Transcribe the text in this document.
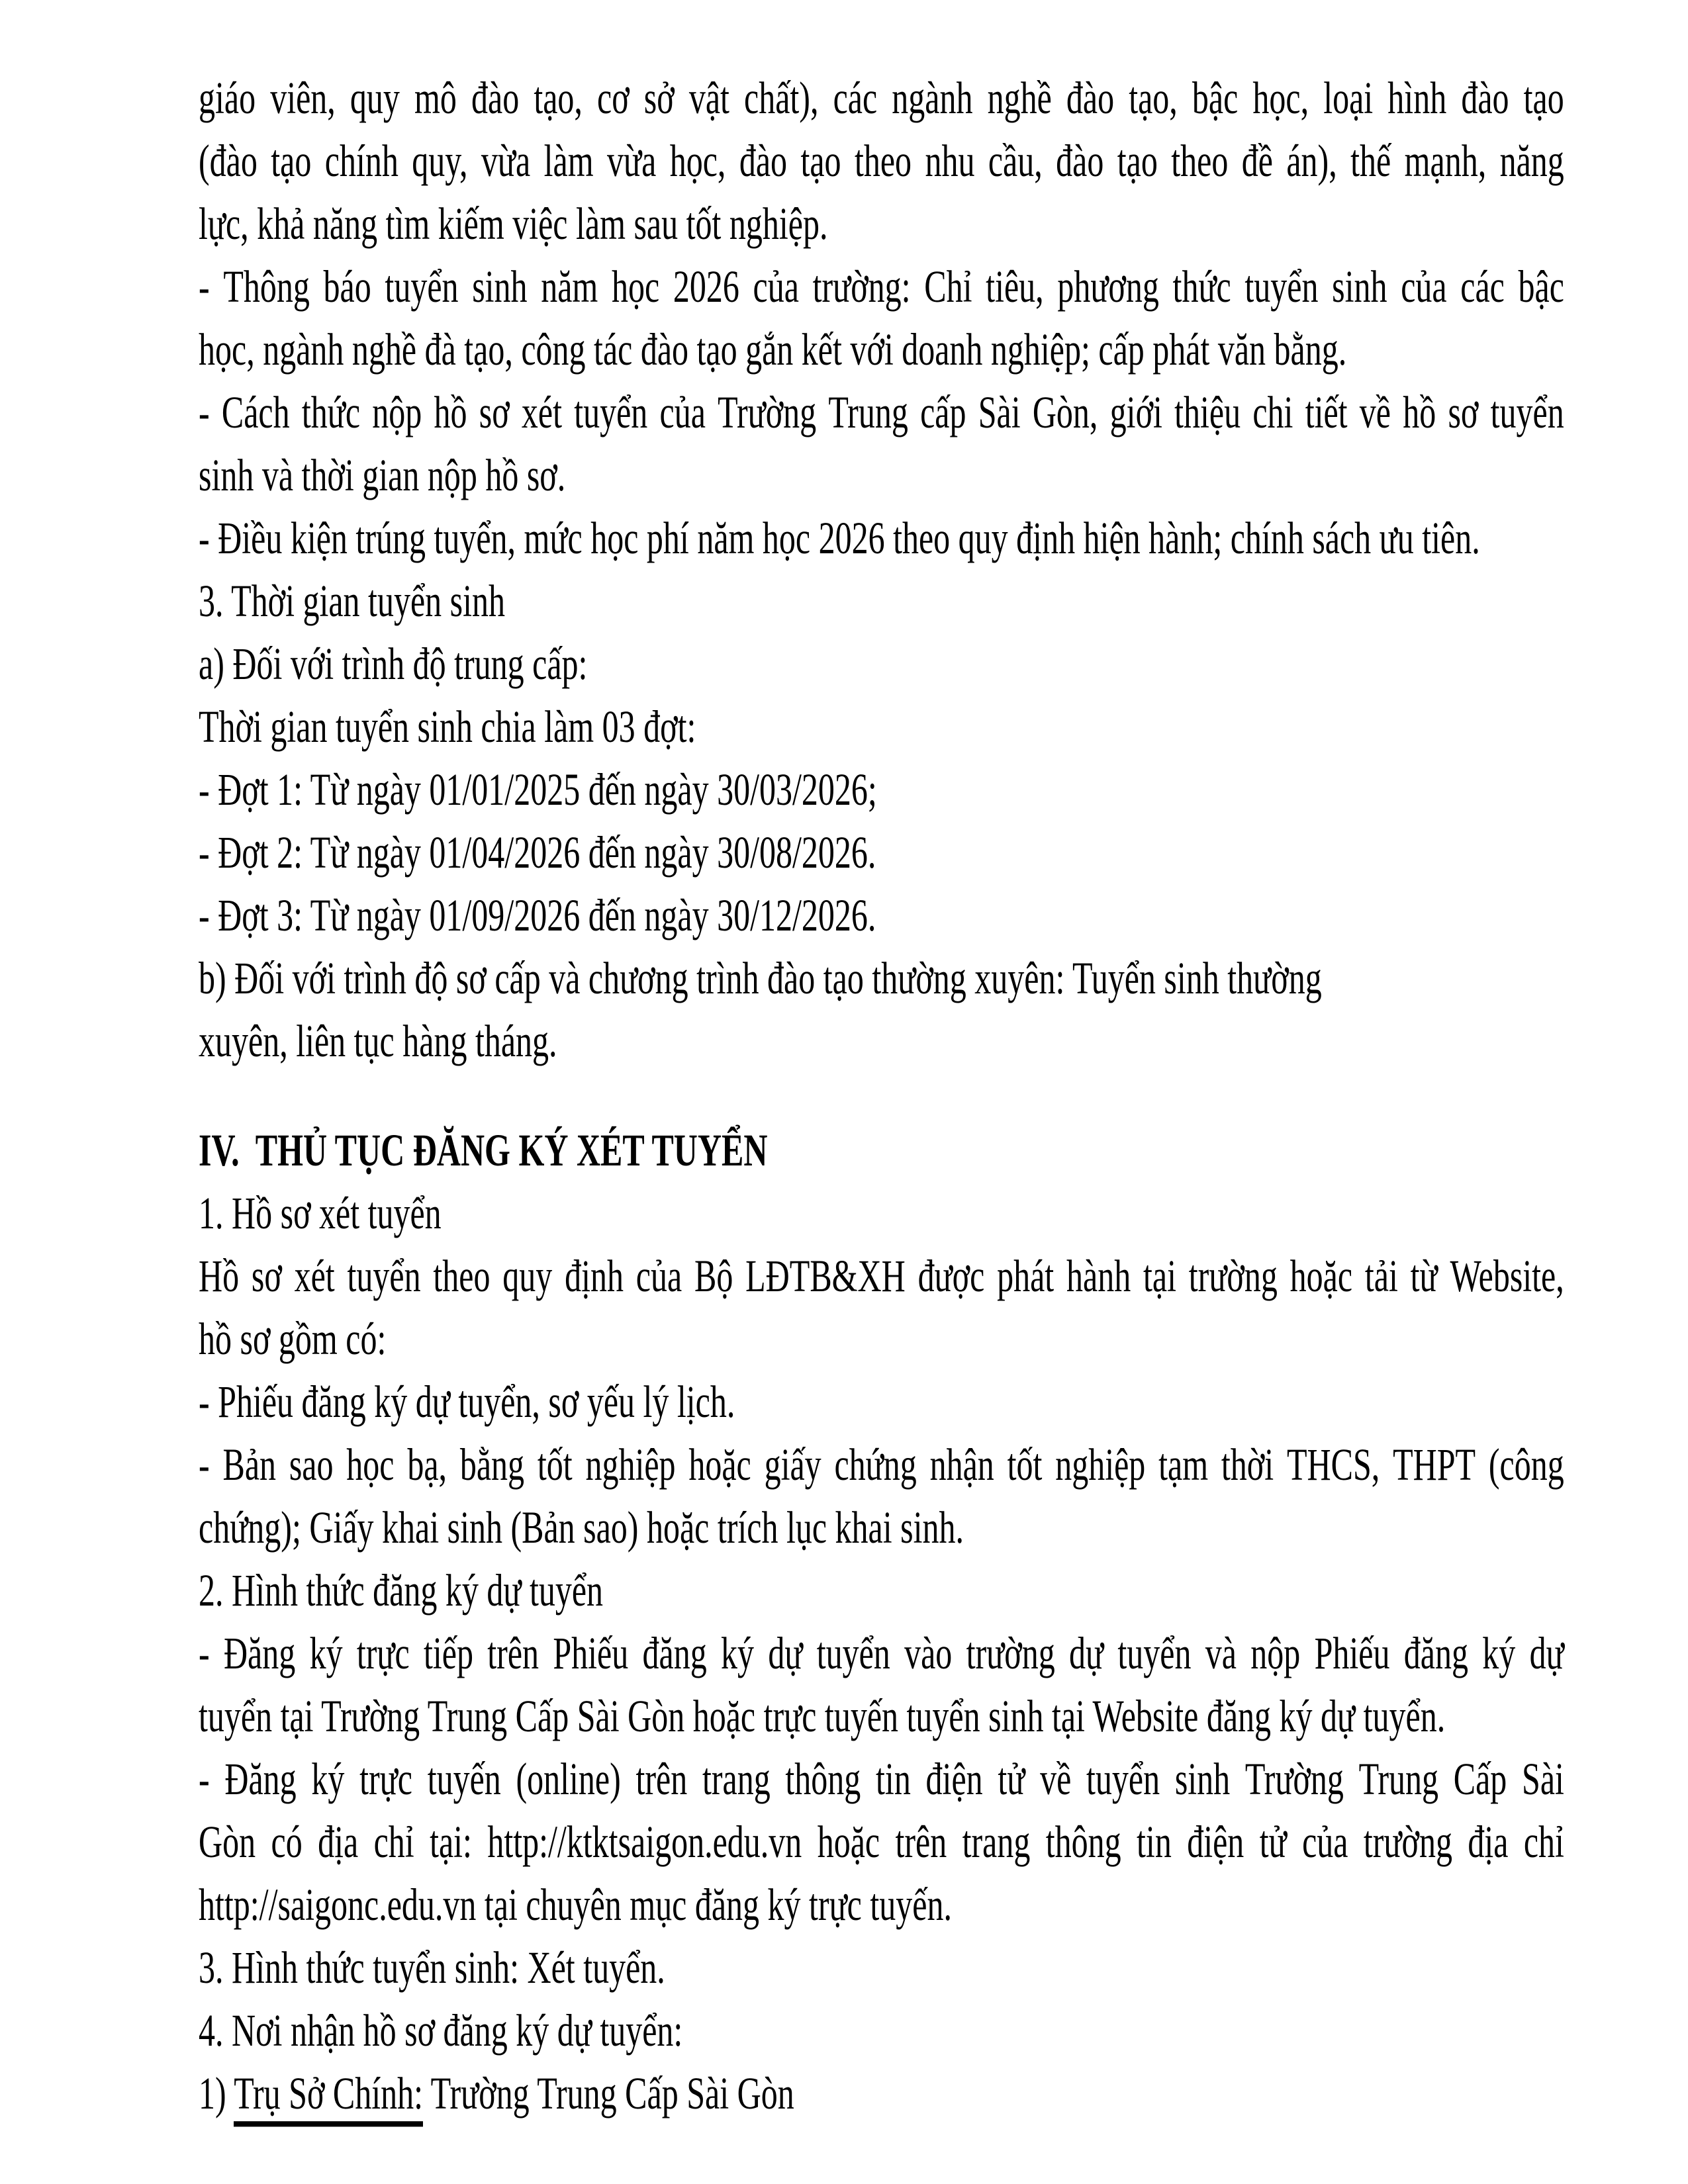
giáo viên, quy mô đào tạo, cơ sở vật chất), các ngành nghề đào tạo, bậc học, loại hình đào tạo
(đào tạo chính quy, vừa làm vừa học, đào tạo theo nhu cầu, đào tạo theo đề án), thế mạnh, năng
lực, khả năng tìm kiếm việc làm sau tốt nghiệp.
- Thông báo tuyển sinh năm học 2026 của trường: Chỉ tiêu, phương thức tuyển sinh của các bậc
học, ngành nghề đà tạo, công tác đào tạo gắn kết với doanh nghiệp; cấp phát văn bằng.
- Cách thức nộp hồ sơ xét tuyển của Trường Trung cấp Sài Gòn, giới thiệu chi tiết về hồ sơ tuyển
sinh và thời gian nộp hồ sơ.
- Điều kiện trúng tuyển, mức học phí năm học 2026 theo quy định hiện hành; chính sách ưu tiên.
3. Thời gian tuyển sinh
a) Đối với trình độ trung cấp:
Thời gian tuyển sinh chia làm 03 đợt:
- Đợt 1: Từ ngày 01/01/2025 đến ngày 30/03/2026;
- Đợt 2: Từ ngày 01/04/2026 đến ngày 30/08/2026.
- Đợt 3: Từ ngày 01/09/2026 đến ngày 30/12/2026.
b) Đối với trình độ sơ cấp và chương trình đào tạo thường xuyên: Tuyển sinh thường
xuyên, liên tục hàng tháng.
IV.  THỦ TỤC ĐĂNG KÝ XÉT TUYỂN
1. Hồ sơ xét tuyển
Hồ sơ xét tuyển theo quy định của Bộ LĐTB&XH được phát hành tại trường hoặc tải từ Website,
hồ sơ gồm có:
- Phiếu đăng ký dự tuyển, sơ yếu lý lịch.
- Bản sao học bạ, bằng tốt nghiệp hoặc giấy chứng nhận tốt nghiệp tạm thời THCS, THPT (công
chứng); Giấy khai sinh (Bản sao) hoặc trích lục khai sinh.
2. Hình thức đăng ký dự tuyển
- Đăng ký trực tiếp trên Phiếu đăng ký dự tuyển vào trường dự tuyển và nộp Phiếu đăng ký dự
tuyển tại Trường Trung Cấp Sài Gòn hoặc trực tuyến tuyển sinh tại Website đăng ký dự tuyển.
- Đăng ký trực tuyến (online) trên trang thông tin điện tử về tuyển sinh Trường Trung Cấp Sài
Gòn có địa chỉ tại: http://ktktsaigon.edu.vn hoặc trên trang thông tin điện tử của trường địa chỉ
http://saigonc.edu.vn tại chuyên mục đăng ký trực tuyến.
3. Hình thức tuyển sinh: Xét tuyển.
4. Nơi nhận hồ sơ đăng ký dự tuyển:
1) Trụ Sở Chính: Trường Trung Cấp Sài Gòn
